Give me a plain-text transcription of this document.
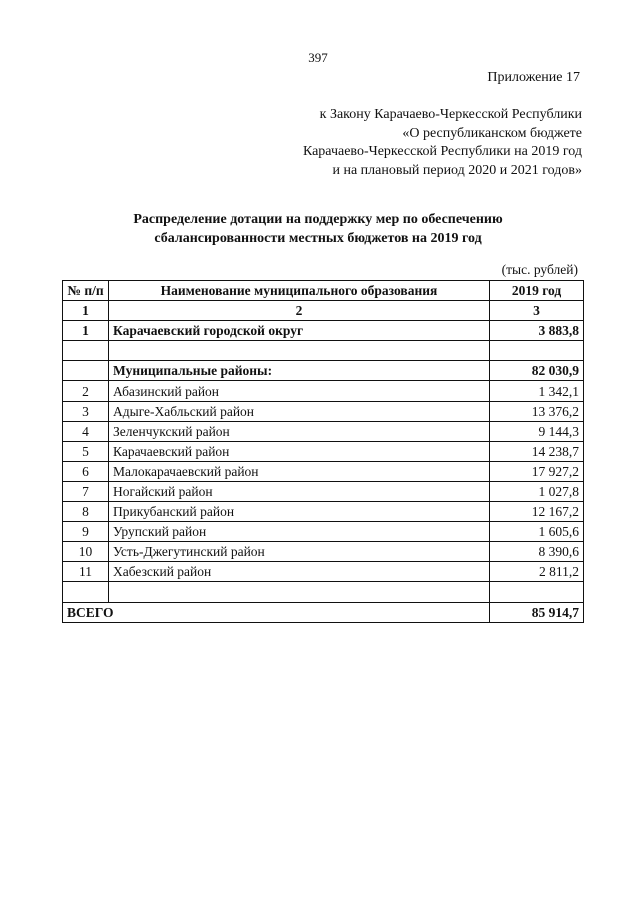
397
Приложение 17
к Закону Карачаево-Черкесской Республики
«О республиканском бюджете
Карачаево-Черкесской Республики на 2019 год
и на плановый период 2020 и 2021 годов»
Распределение дотации на поддержку мер по обеспечению
сбалансированности местных бюджетов на 2019 год
(тыс. рублей)
№ п/п	Наименование муниципального образования	2019 год
1	2	3
1	Карачаевский городской округ	3 883,8

	Муниципальные районы:	82 030,9
2	Абазинский район	1 342,1
3	Адыге-Хабльский район	13 376,2
4	Зеленчукский район	9 144,3
5	Карачаевский район	14 238,7
6	Малокарачаевский район	17 927,2
7	Ногайский район	1 027,8
8	Прикубанский район	12 167,2
9	Урупский район	1 605,6
10	Усть-Джегутинский район	8 390,6
11	Хабезский район	2 811,2

ВСЕГО		85 914,7
